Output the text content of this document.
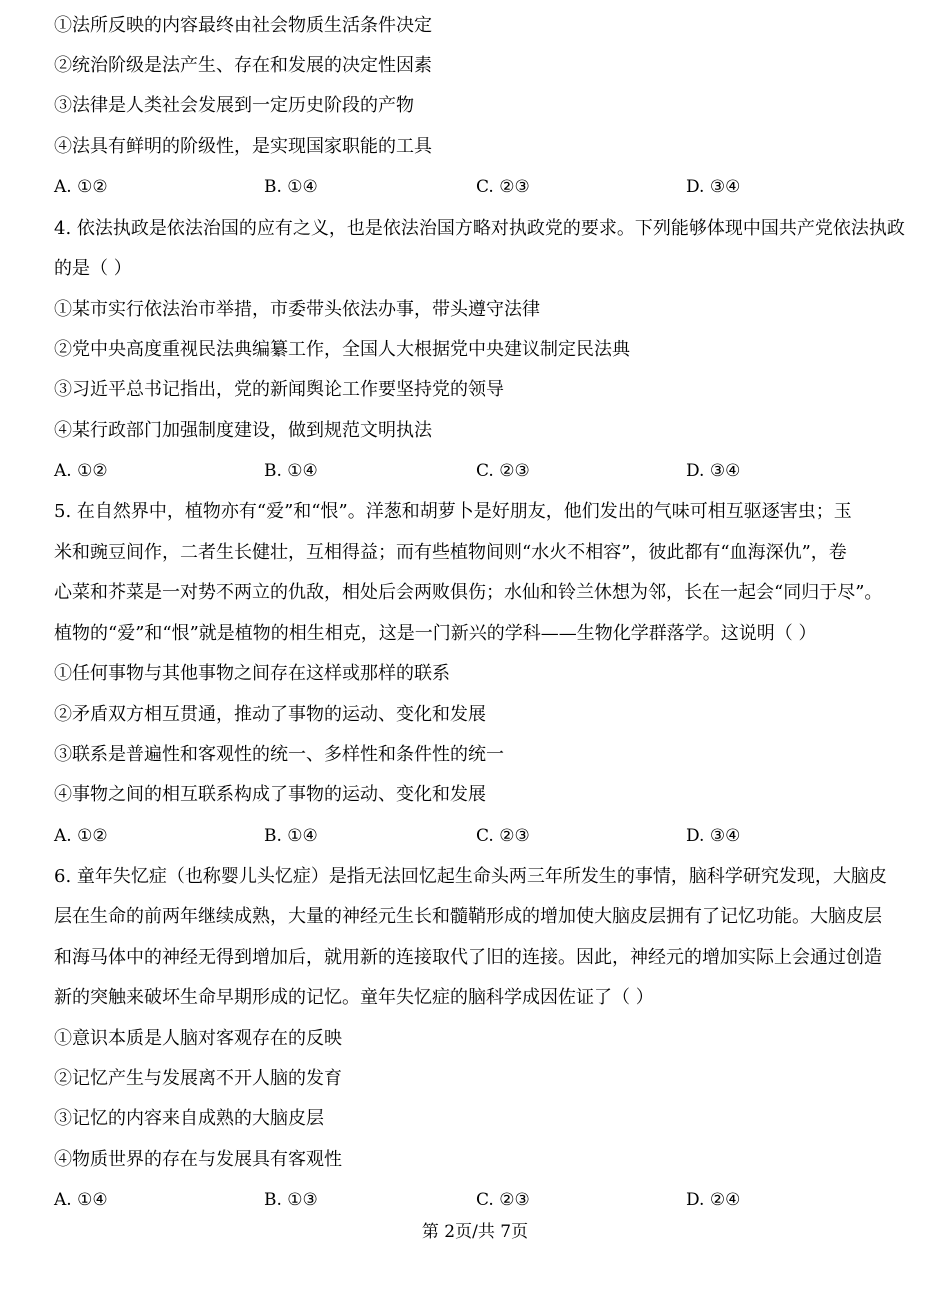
①法所反映的内容最终由社会物质生活条件决定
②统治阶级是法产生、存在和发展的决定性因素
③法律是人类社会发展到一定历史阶段的产物
④法具有鲜明的阶级性，是实现国家职能的工具
A. ①②	B. ①④	C. ②③	D. ③④
4. 依法执政是依法治国的应有之义，也是依法治国方略对执政党的要求。下列能够体现中国共产党依法执政
的是（ ）
①某市实行依法治市举措，市委带头依法办事，带头遵守法律
②党中央高度重视民法典编纂工作，全国人大根据党中央建议制定民法典
③习近平总书记指出，党的新闻舆论工作要坚持党的领导
④某行政部门加强制度建设，做到规范文明执法
A. ①②	B. ①④	C. ②③	D. ③④
5. 在自然界中，植物亦有“爱”和“恨”。洋葱和胡萝卜是好朋友，他们发出的气味可相互驱逐害虫；玉
米和豌豆间作，二者生长健壮，互相得益；而有些植物间则“水火不相容”，彼此都有“血海深仇”，卷
心菜和芥菜是一对势不两立的仇敌，相处后会两败俱伤；水仙和铃兰休想为邻，长在一起会“同归于尽”。
植物的“爱”和“恨”就是植物的相生相克，这是一门新兴的学科——生物化学群落学。这说明（ ）
①任何事物与其他事物之间存在这样或那样的联系
②矛盾双方相互贯通，推动了事物的运动、变化和发展
③联系是普遍性和客观性的统一、多样性和条件性的统一
④事物之间的相互联系构成了事物的运动、变化和发展
A. ①②	B. ①④	C. ②③	D. ③④
6. 童年失忆症（也称婴儿头忆症）是指无法回忆起生命头两三年所发生的事情，脑科学研究发现，大脑皮
层在生命的前两年继续成熟，大量的神经元生长和髓鞘形成的增加使大脑皮层拥有了记忆功能。大脑皮层
和海马体中的神经无得到增加后，就用新的连接取代了旧的连接。因此，神经元的增加实际上会通过创造
新的突触来破坏生命早期形成的记忆。童年失忆症的脑科学成因佐证了（ ）
①意识本质是人脑对客观存在的反映
②记忆产生与发展离不开人脑的发育
③记忆的内容来自成熟的大脑皮层
④物质世界的存在与发展具有客观性
A. ①④	B. ①③	C. ②③	D. ②④
第 2页/共 7页
